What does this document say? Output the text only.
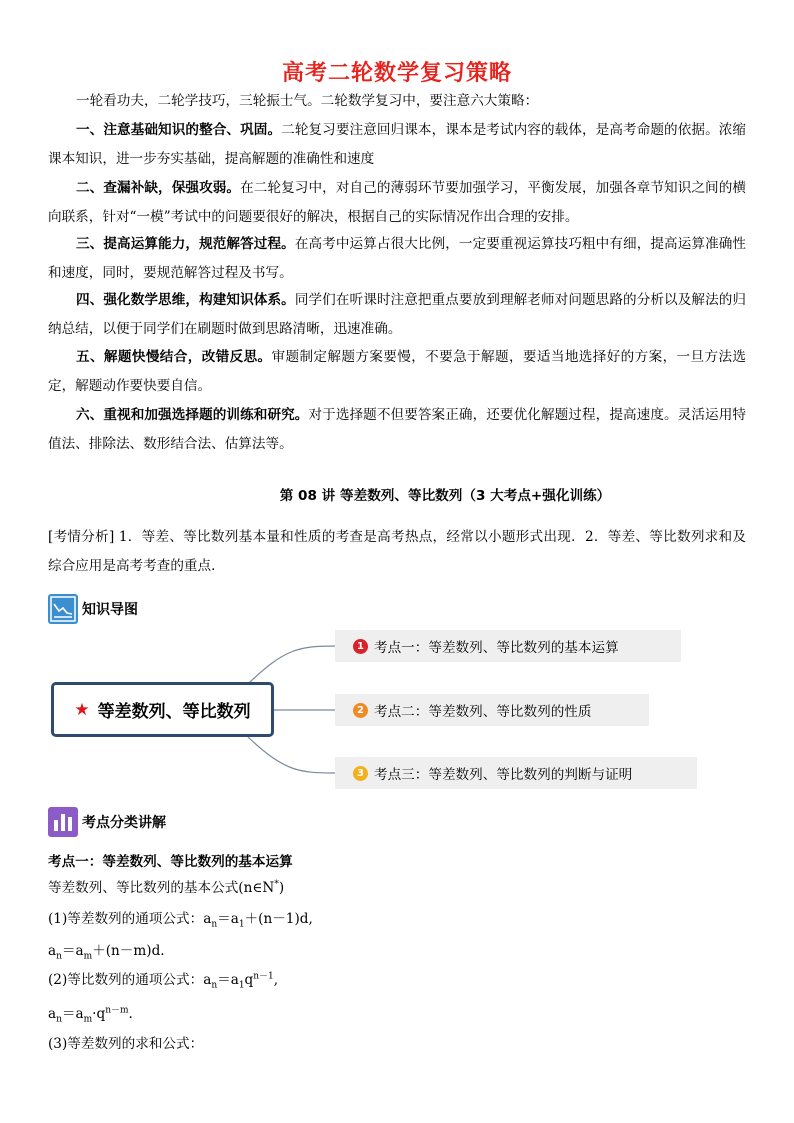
高考二轮数学复习策略

一轮看功夫，二轮学技巧，三轮振士气。二轮数学复习中，要注意六大策略：

一、注意基础知识的整合、巩固。二轮复习要注意回归课本，课本是考试内容的载体，是高考命题的依据。浓缩课本知识，进一步夯实基础，提高解题的准确性和速度

二、查漏补缺，保强攻弱。在二轮复习中，对自己的薄弱环节要加强学习，平衡发展，加强各章节知识之间的横向联系，针对“一模”考试中的问题要很好的解决，根据自己的实际情况作出合理的安排。

三、提高运算能力，规范解答过程。在高考中运算占很大比例，一定要重视运算技巧粗中有细，提高运算准确性和速度，同时，要规范解答过程及书写。

四、强化数学思维，构建知识体系。同学们在听课时注意把重点要放到理解老师对问题思路的分析以及解法的归纳总结，以便于同学们在刷题时做到思路清晰，迅速准确。

五、解题快慢结合，改错反思。审题制定解题方案要慢，不要急于解题，要适当地选择好的方案，一旦方法选定，解题动作要快要自信。

六、重视和加强选择题的训练和研究。对于选择题不但要答案正确，还要优化解题过程，提高速度。灵活运用特值法、排除法、数形结合法、估算法等。

第 08 讲 等差数列、等比数列（3 大考点+强化训练）

[考情分析] 1．等差、等比数列基本量和性质的考查是高考热点，经常以小题形式出现．2．等差、等比数列求和及综合应用是高考考查的重点．

知识导图
★ 等差数列、等比数列
1 考点一：等差数列、等比数列的基本运算
2 考点二：等差数列、等比数列的性质
3 考点三：等差数列、等比数列的判断与证明
考点分类讲解

考点一：等差数列、等比数列的基本运算

等差数列、等比数列的基本公式(n∈N*)

(1)等差数列的通项公式：$a_n=a_1+(n-1)d$,

$a_n=a_m+(n-m)d$.

(2)等比数列的通项公式：$a_n=a_1q^{n-1}$,

$a_n=a_m\cdot q^{n-m}$.

(3)等差数列的求和公式：
